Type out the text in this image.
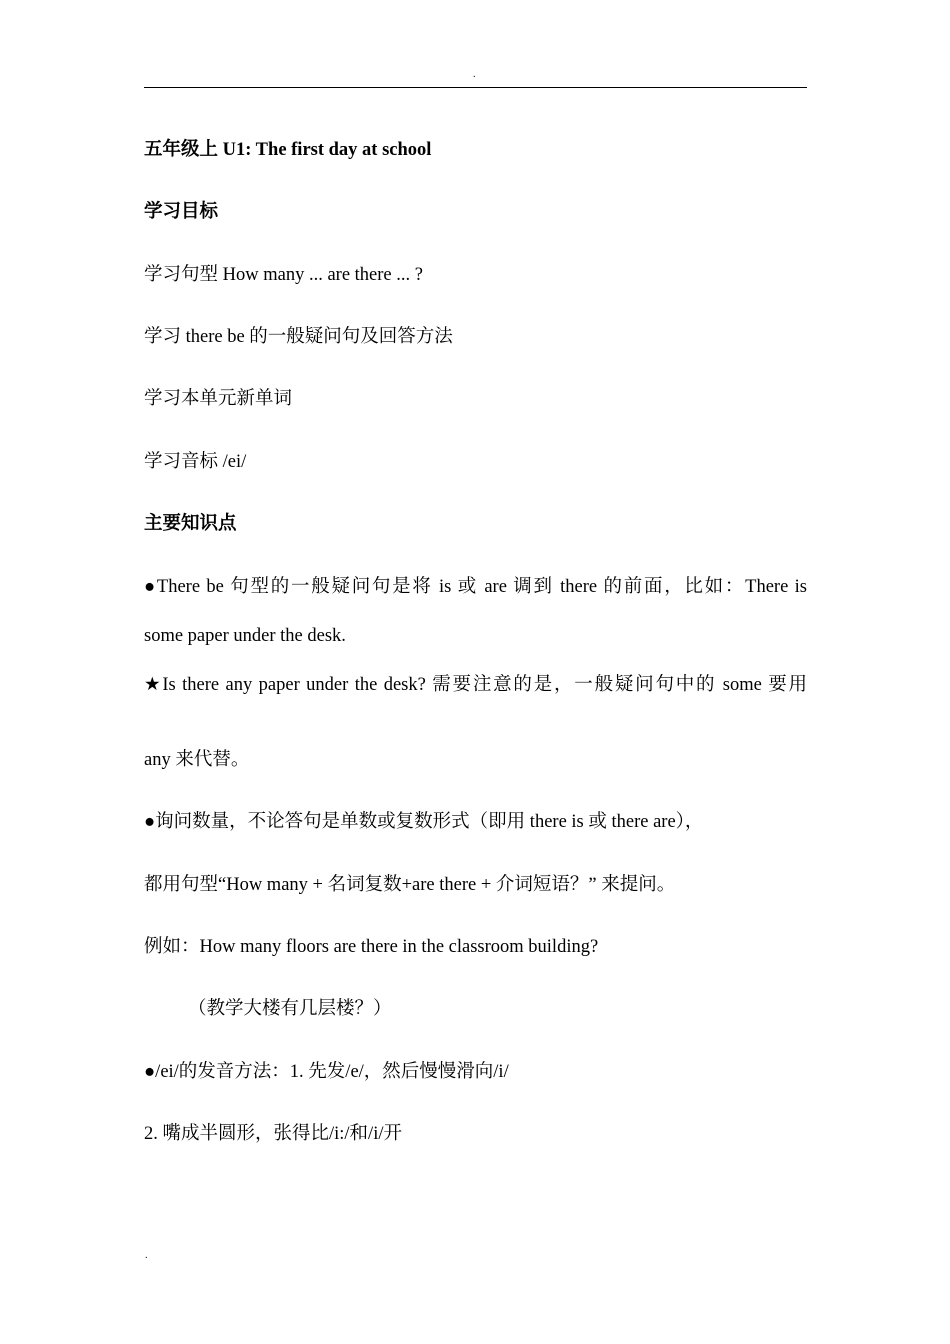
.
五年级上 U1: The first day at school
学习目标
学习句型 How many ... are there ... ?
学习 there be 的一般疑问句及回答方法
学习本单元新单词
学习音标 /ei/
主要知识点
●There be 句型的一般疑问句是将 is 或 are 调到 there 的前面，比如：There is
some paper under the desk.
★Is there any paper under the desk? 需要注意的是，一般疑问句中的 some 要用
any 来代替。
●询问数量，不论答句是单数或复数形式（即用 there is 或 there are），
都用句型“How many + 名词复数+are there + 介词短语？” 来提问。
例如：How many floors are there in the classroom building?
（教学大楼有几层楼？）
●/ei/的发音方法：1. 先发/e/，然后慢慢滑向/i/
2. 嘴成半圆形，张得比/i:/和/i/开
.
